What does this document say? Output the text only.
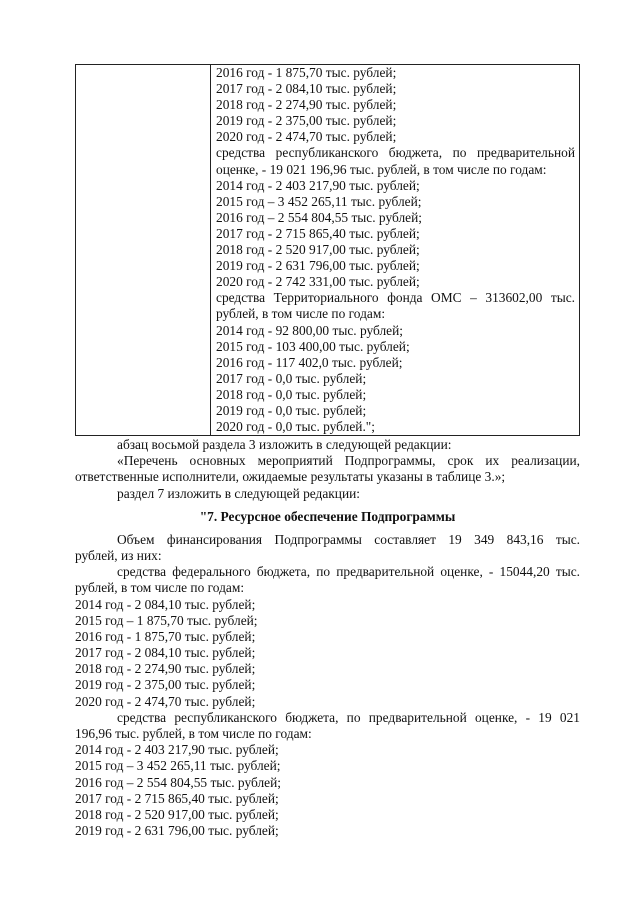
2016 год - 1 875,70 тыс. рублей;
2017 год - 2 084,10 тыс. рублей;
2018 год - 2 274,90 тыс. рублей;
2019 год - 2 375,00 тыс. рублей;
2020 год - 2 474,70 тыс. рублей;
средства республиканского бюджета, по предварительной
оценке, - 19 021 196,96 тыс. рублей, в том числе по годам:
2014 год - 2 403 217,90 тыс. рублей;
2015 год – 3 452 265,11 тыс. рублей;
2016 год – 2 554 804,55 тыс. рублей;
2017 год - 2 715 865,40 тыс. рублей;
2018 год - 2 520 917,00 тыс. рублей;
2019 год - 2 631 796,00 тыс. рублей;
2020 год - 2 742 331,00 тыс. рублей;
средства Территориального фонда ОМС – 313602,00 тыс.
рублей, в том числе по годам:
2014 год - 92 800,00 тыс. рублей;
2015 год - 103 400,00 тыс. рублей;
2016 год - 117 402,0 тыс. рублей;
2017 год - 0,0 тыс. рублей;
2018 год - 0,0 тыс. рублей;
2019 год - 0,0 тыс. рублей;
2020 год - 0,0 тыс. рублей.";
абзац восьмой раздела 3 изложить в следующей редакции:
«Перечень основных мероприятий Подпрограммы, срок их реализации,
ответственные исполнители, ожидаемые результаты указаны в таблице 3.»;
раздел 7 изложить в следующей редакции:
"7. Ресурсное обеспечение Подпрограммы
Объем финансирования Подпрограммы составляет 19 349 843,16 тыс.
рублей, из них:
средства федерального бюджета, по предварительной оценке, - 15044,20 тыс.
рублей, в том числе по годам:
2014 год - 2 084,10 тыс. рублей;
2015 год – 1 875,70 тыс. рублей;
2016 год - 1 875,70 тыс. рублей;
2017 год - 2 084,10 тыс. рублей;
2018 год - 2 274,90 тыс. рублей;
2019 год - 2 375,00 тыс. рублей;
2020 год - 2 474,70 тыс. рублей;
средства республиканского бюджета, по предварительной оценке, - 19 021
196,96 тыс. рублей, в том числе по годам:
2014 год - 2 403 217,90 тыс. рублей;
2015 год – 3 452 265,11 тыс. рублей;
2016 год – 2 554 804,55 тыс. рублей;
2017 год - 2 715 865,40 тыс. рублей;
2018 год - 2 520 917,00 тыс. рублей;
2019 год - 2 631 796,00 тыс. рублей;
